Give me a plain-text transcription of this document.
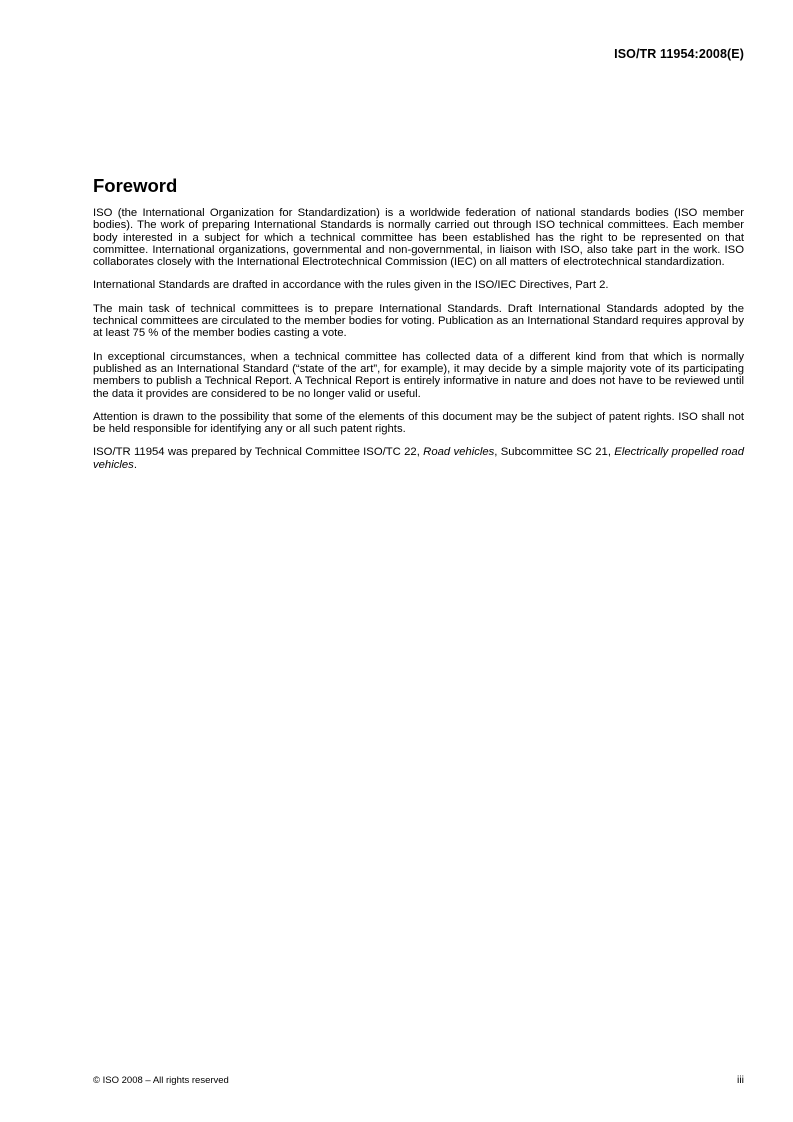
ISO/TR 11954:2008(E)
Foreword

ISO (the International Organization for Standardization) is a worldwide federation of national standards bodies (ISO member bodies). The work of preparing International Standards is normally carried out through ISO technical committees. Each member body interested in a subject for which a technical committee has been established has the right to be represented on that committee. International organizations, governmental and non-governmental, in liaison with ISO, also take part in the work. ISO collaborates closely with the International Electrotechnical Commission (IEC) on all matters of electrotechnical standardization.

International Standards are drafted in accordance with the rules given in the ISO/IEC Directives, Part 2.

The main task of technical committees is to prepare International Standards. Draft International Standards adopted by the technical committees are circulated to the member bodies for voting. Publication as an International Standard requires approval by at least 75 % of the member bodies casting a vote.

In exceptional circumstances, when a technical committee has collected data of a different kind from that which is normally published as an International Standard (“state of the art”, for example), it may decide by a simple majority vote of its participating members to publish a Technical Report. A Technical Report is entirely informative in nature and does not have to be reviewed until the data it provides are considered to be no longer valid or useful.

Attention is drawn to the possibility that some of the elements of this document may be the subject of patent rights. ISO shall not be held responsible for identifying any or all such patent rights.

ISO/TR 11954 was prepared by Technical Committee ISO/TC 22, Road vehicles, Subcommittee SC 21, Electrically propelled road vehicles.

© ISO 2008 – All rights reserved	iii
